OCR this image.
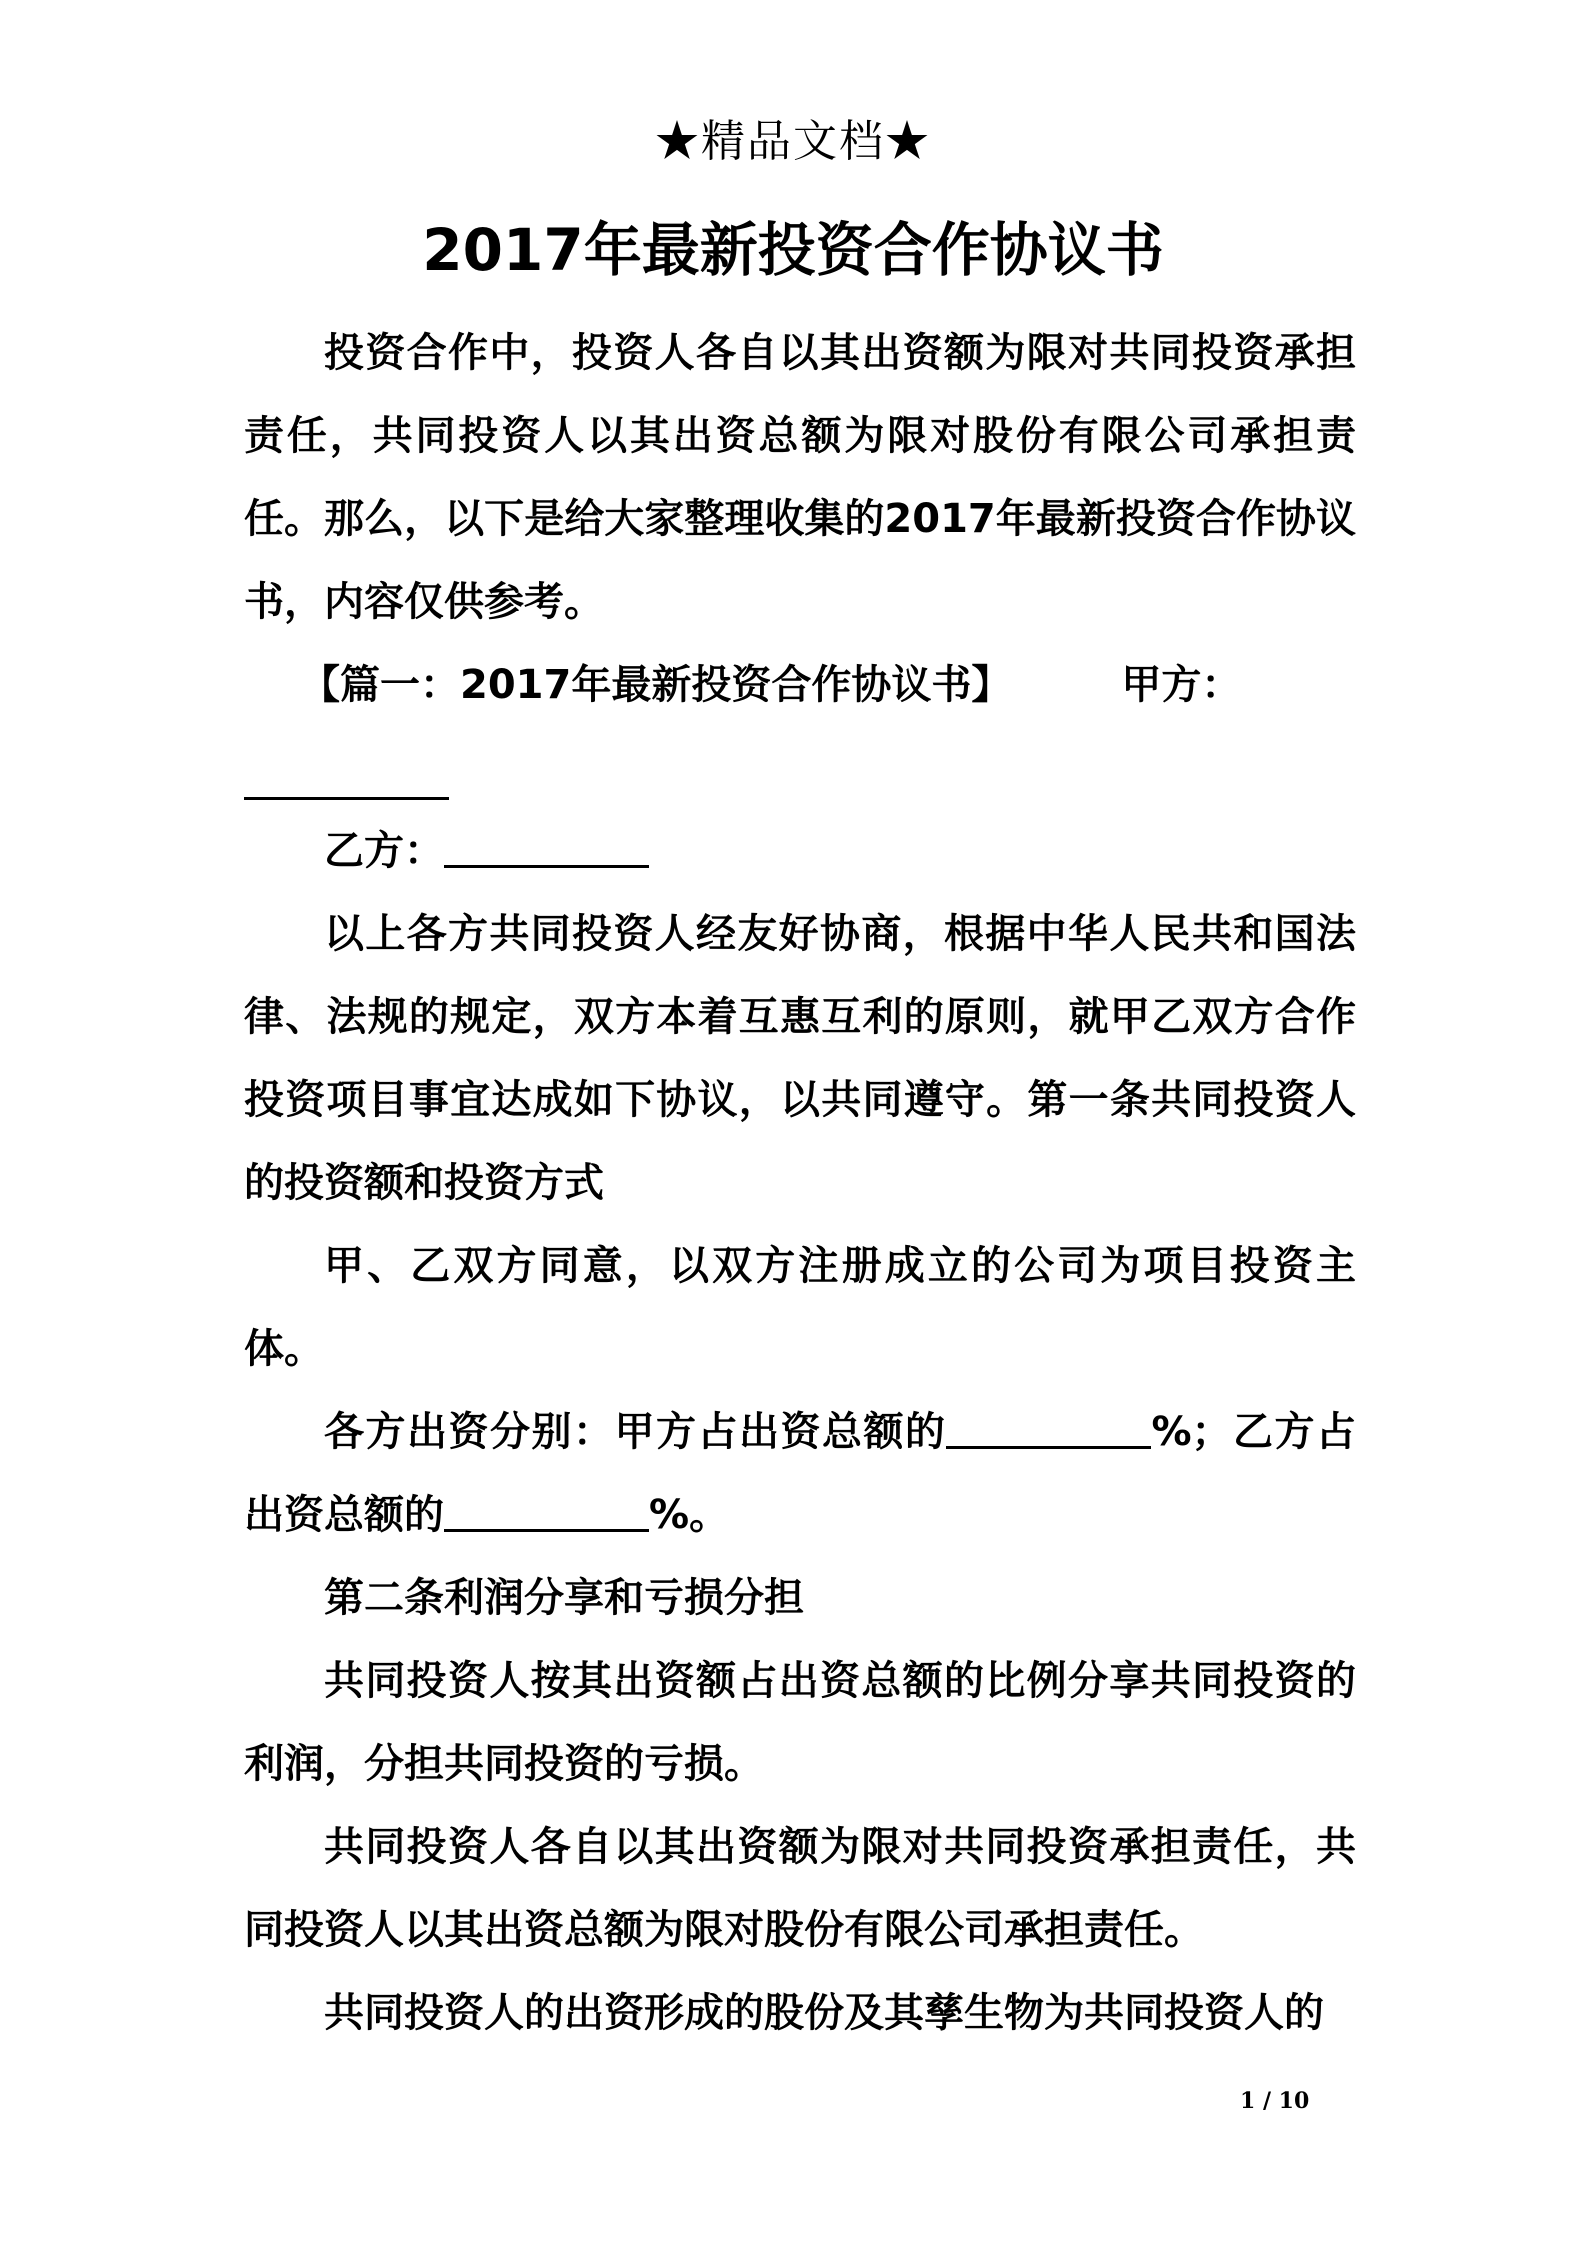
★精品文档★
2017年最新投资合作协议书

投资合作中，投资人各自以其出资额为限对共同投资承担责任，共同投资人以其出资总额为限对股份有限公司承担责任。那么，以下是给大家整理收集的2017年最新投资合作协议书，内容仅供参考。

【篇一：2017年最新投资合作协议书】	甲方：

乙方：

以上各方共同投资人经友好协商，根据中华人民共和国法律、法规的规定，双方本着互惠互利的原则，就甲乙双方合作投资项目事宜达成如下协议，以共同遵守。第一条共同投资人的投资额和投资方式

甲、乙双方同意，以双方注册成立的公司为项目投资主体。

各方出资分别：甲方占出资总额的	%；乙方占出资总额的	%。

第二条利润分享和亏损分担

共同投资人按其出资额占出资总额的比例分享共同投资的利润，分担共同投资的亏损。

共同投资人各自以其出资额为限对共同投资承担责任，共同投资人以其出资总额为限对股份有限公司承担责任。

共同投资人的出资形成的股份及其孳生物为共同投资人的

1 / 10
